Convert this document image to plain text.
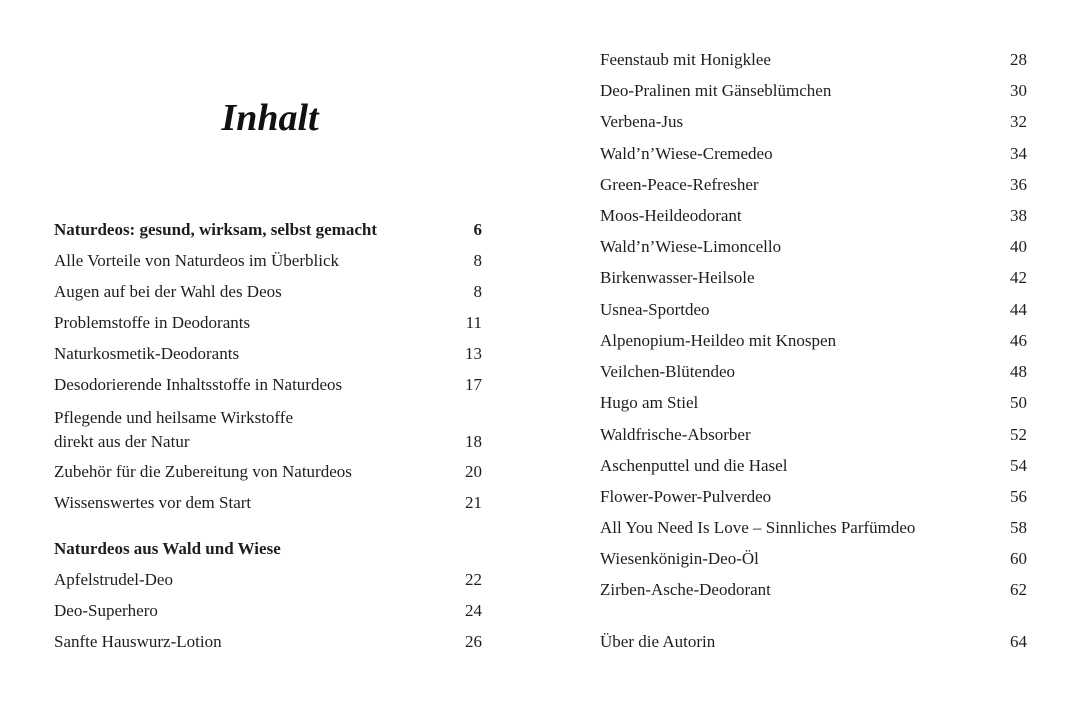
Inhalt
Naturdeos: gesund, wirksam, selbst gemacht	6
Alle Vorteile von Naturdeos im Überblick	8
Augen auf bei der Wahl des Deos	8
Problemstoffe in Deodorants	11
Naturkosmetik-Deodorants	13
Desodorierende Inhaltsstoffe in Naturdeos	17
Pflegende und heilsame Wirkstoffe
direkt aus der Natur	18
Zubehör für die Zubereitung von Naturdeos	20
Wissenswertes vor dem Start	21
Naturdeos aus Wald und Wiese
Apfelstrudel-Deo	22
Deo-Superhero	24
Sanfte Hauswurz-Lotion	26
Feenstaub mit Honigklee	28
Deo-Pralinen mit Gänseblümchen	30
Verbena-Jus	32
Wald’n’Wiese-Cremedeo	34
Green-Peace-Refresher	36
Moos-Heildeodorant	38
Wald’n’Wiese-Limoncello	40
Birkenwasser-Heilsole	42
Usnea-Sportdeo	44
Alpenopium-Heildeo mit Knospen	46
Veilchen-Blütendeo	48
Hugo am Stiel	50
Waldfrische-Absorber	52
Aschenputtel und die Hasel	54
Flower-Power-Pulverdeo	56
All You Need Is Love – Sinnliches Parfümdeo	58
Wiesenkönigin-Deo-Öl	60
Zirben-Asche-Deodorant	62
Über die Autorin	64
